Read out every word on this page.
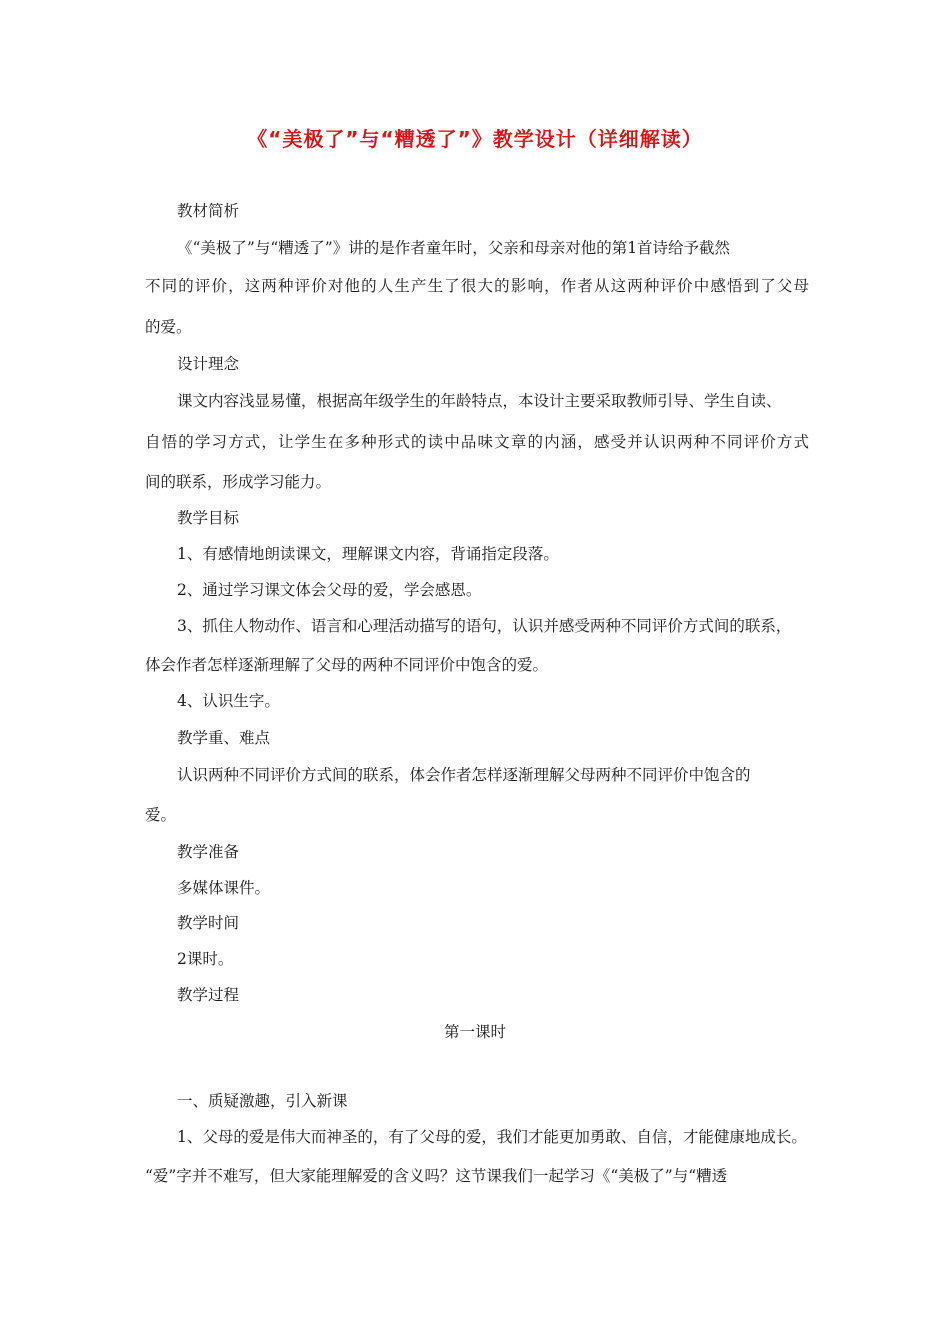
《“美极了”与“糟透了”》教学设计（详细解读）
教材简析
《“美极了”与“糟透了”》讲的是作者童年时，父亲和母亲对他的第1首诗给予截然
不同的评价，这两种评价对他的人生产生了很大的影响，作者从这两种评价中感悟到了父母
的爱。
设计理念
课文内容浅显易懂，根据高年级学生的年龄特点，本设计主要采取教师引导、学生自读、
自悟的学习方式，让学生在多种形式的读中品味文章的内涵，感受并认识两种不同评价方式
间的联系，形成学习能力。
教学目标
1、有感情地朗读课文，理解课文内容，背诵指定段落。
2、通过学习课文体会父母的爱，学会感恩。
3、抓住人物动作、语言和心理活动描写的语句，认识并感受两种不同评价方式间的联系，
体会作者怎样逐渐理解了父母的两种不同评价中饱含的爱。
4、认识生字。
教学重、难点
认识两种不同评价方式间的联系，体会作者怎样逐渐理解父母两种不同评价中饱含的
爱。
教学准备
多媒体课件。
教学时间
2课时。
教学过程
第一课时
一、质疑激趣，引入新课
1、父母的爱是伟大而神圣的，有了父母的爱，我们才能更加勇敢、自信，才能健康地成长。
“爱”字并不难写，但大家能理解爱的含义吗？这节课我们一起学习《“美极了”与“糟透
